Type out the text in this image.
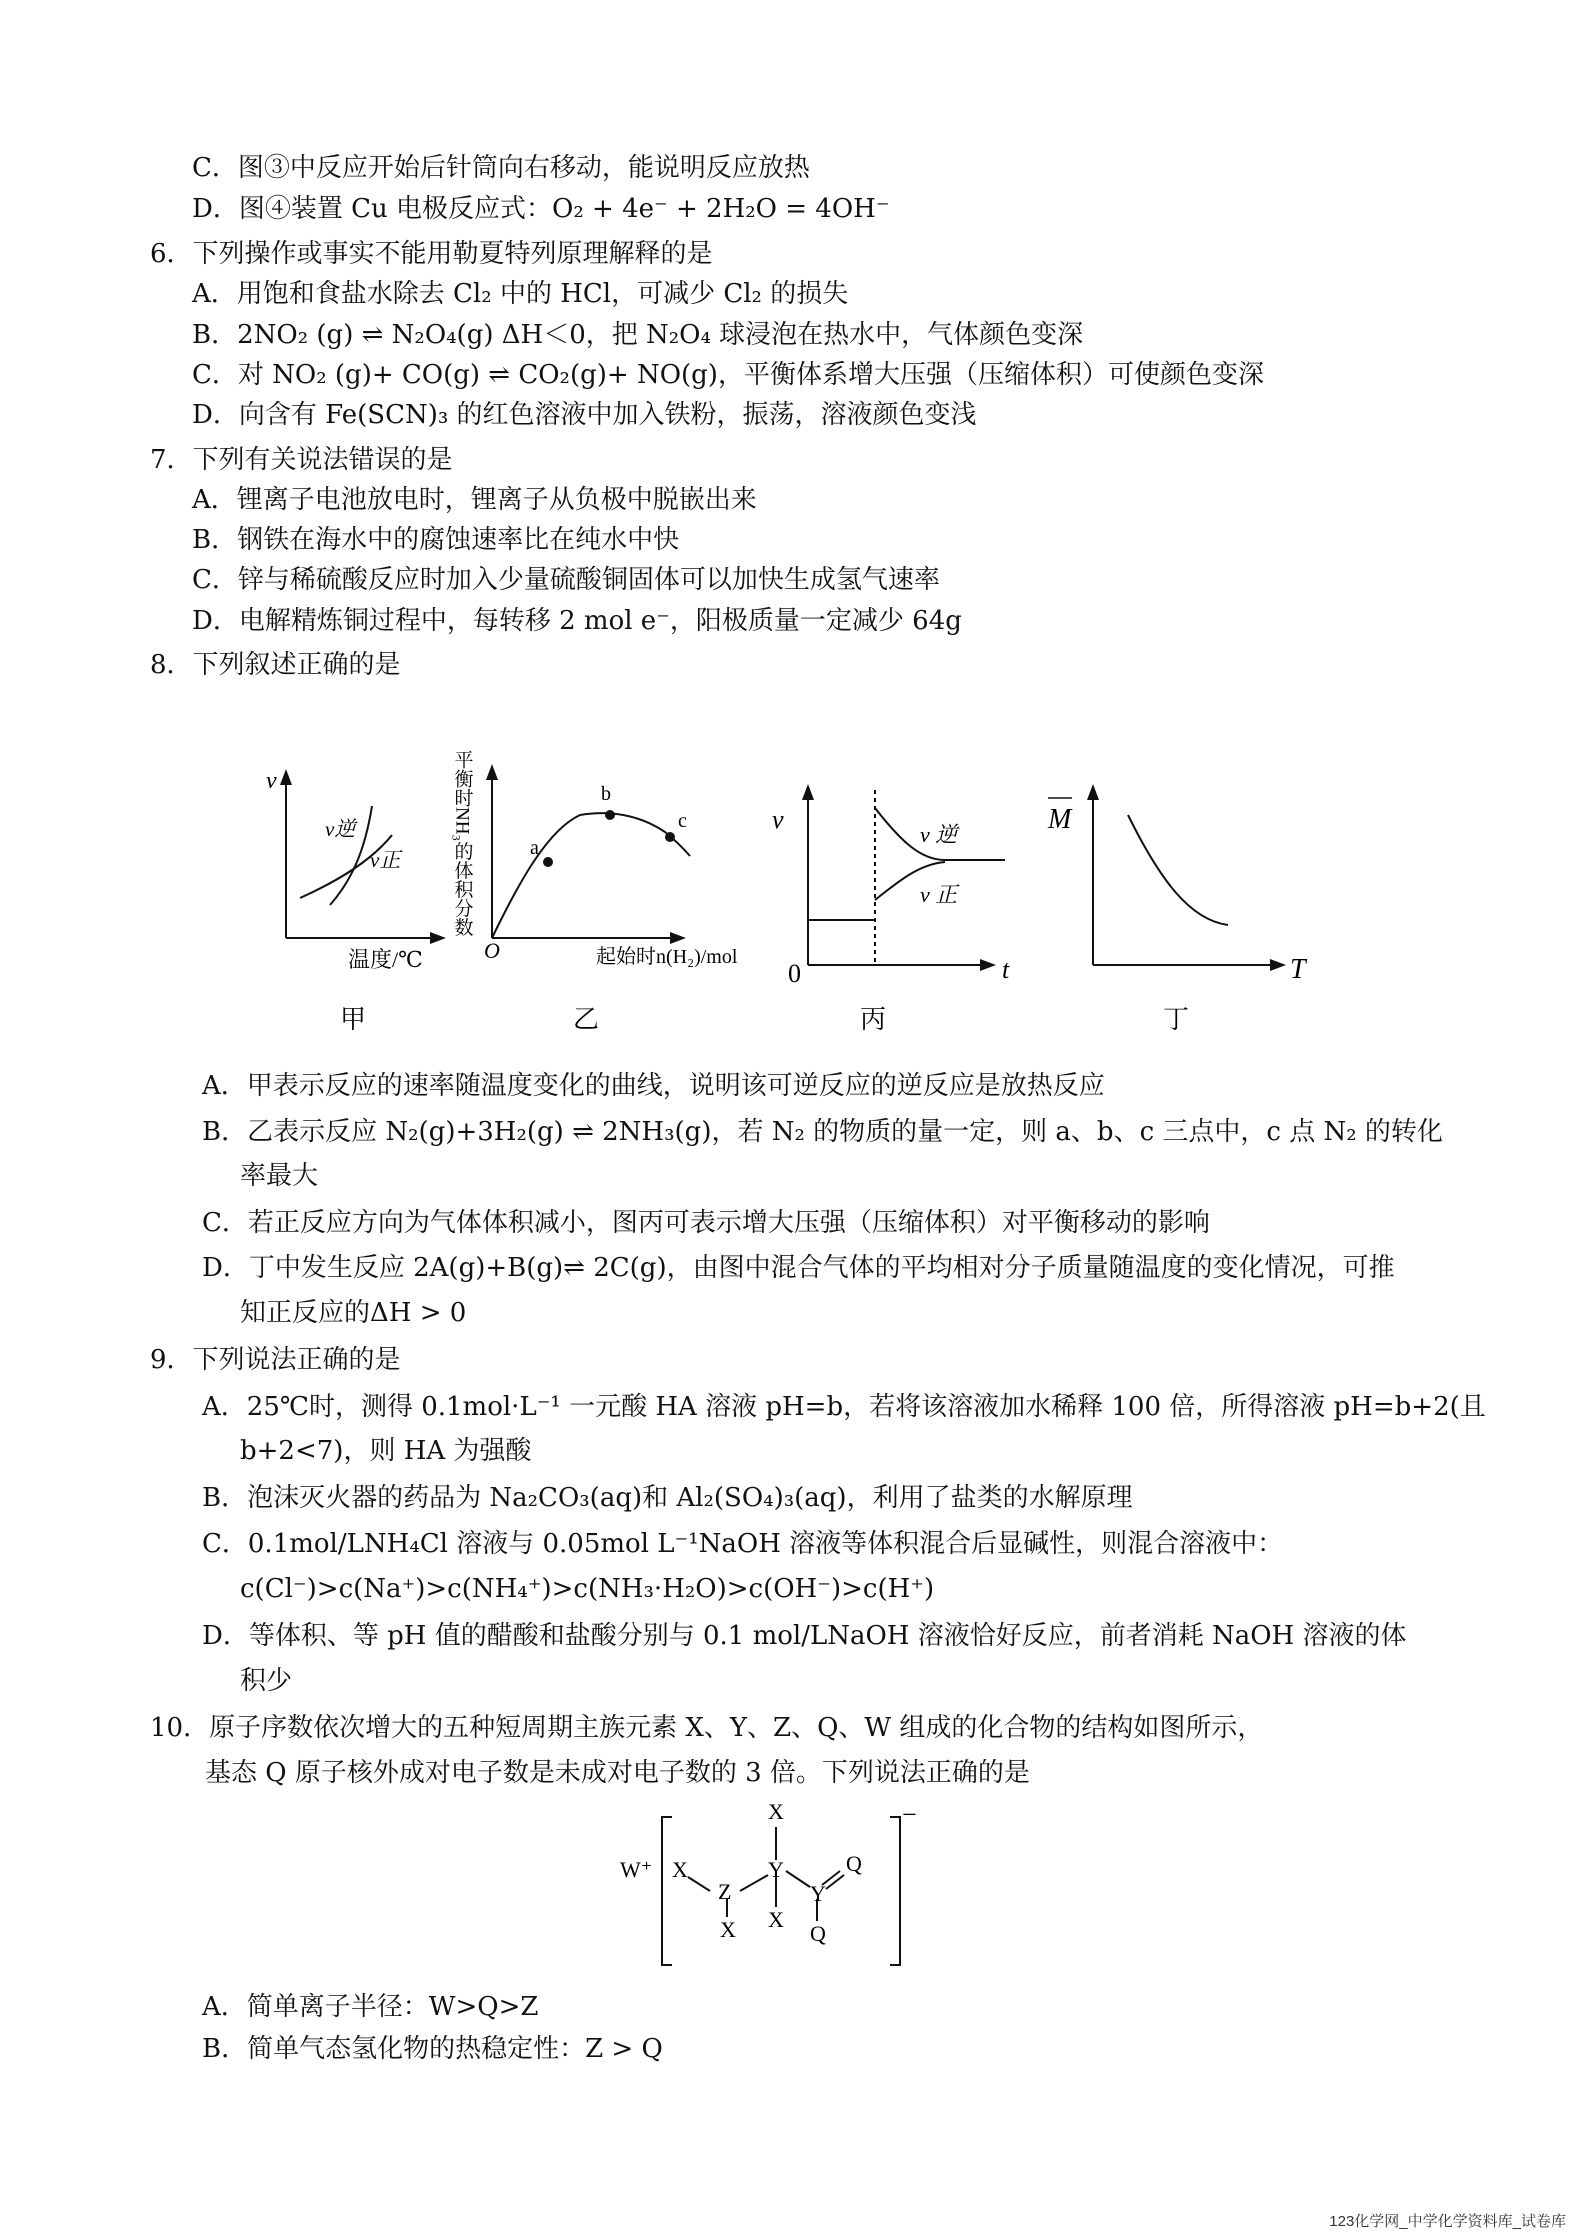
C．图③中反应开始后针筒向右移动，能说明反应放热
D．图④装置 Cu 电极反应式：O₂ + 4e⁻ + 2H₂O = 4OH⁻
6．下列操作或事实不能用勒夏特列原理解释的是
A．用饱和食盐水除去 Cl₂ 中的 HCl，可减少 Cl₂ 的损失
B．2NO₂ (g) ⇌ N₂O₄(g) ΔH＜0，把 N₂O₄ 球浸泡在热水中，气体颜色变深
C．对 NO₂ (g)+ CO(g) ⇌ CO₂(g)+ NO(g)，平衡体系增大压强（压缩体积）可使颜色变深
D．向含有 Fe(SCN)₃ 的红色溶液中加入铁粉，振荡，溶液颜色变浅
7．下列有关说法错误的是
A．锂离子电池放电时，锂离子从负极中脱嵌出来
B．钢铁在海水中的腐蚀速率比在纯水中快
C．锌与稀硫酸反应时加入少量硫酸铜固体可以加快生成氢气速率
D．电解精炼铜过程中，每转移 2 mol e⁻，阳极质量一定减少 64g
8．下列叙述正确的是
v
v逆
v正
温度/℃
a
b
c
O	起始时n(H₂)/mol
平衡时NH₃的体积分数	v
0	t
v 逆
v 正
M
T
甲	乙	丙	丁
A．甲表示反应的速率随温度变化的曲线，说明该可逆反应的逆反应是放热反应
B．乙表示反应 N₂(g)+3H₂(g) ⇌ 2NH₃(g)，若 N₂ 的物质的量一定，则 a、b、c 三点中，c 点 N₂ 的转化
率最大
C．若正反应方向为气体体积减小，图丙可表示增大压强（压缩体积）对平衡移动的影响
D．丁中发生反应 2A(g)+B(g)⇌ 2C(g)，由图中混合气体的平均相对分子质量随温度的变化情况，可推
知正反应的ΔH > 0
9．下列说法正确的是
A．25℃时，测得 0.1mol·L⁻¹ 一元酸 HA 溶液 pH=b，若将该溶液加水稀释 100 倍，所得溶液 pH=b+2(且
b+2<7)，则 HA 为强酸
B．泡沫灭火器的药品为 Na₂CO₃(aq)和 Al₂(SO₄)₃(aq)，利用了盐类的水解原理
C．0.1mol/LNH₄Cl 溶液与 0.05mol L⁻¹NaOH 溶液等体积混合后显碱性，则混合溶液中：
c(Cl⁻)>c(Na⁺)>c(NH₄⁺)>c(NH₃·H₂O)>c(OH⁻)>c(H⁺)
D．等体积、等 pH 值的醋酸和盐酸分别与 0.1 mol/LNaOH 溶液恰好反应，前者消耗 NaOH 溶液的体
积少
10．原子序数依次增大的五种短周期主族元素 X、Y、Z、Q、W 组成的化合物的结构如图所示，
基态 Q 原子核外成对电子数是未成对电子数的 3 倍。下列说法正确的是
W⁺
−
X
Z
X
X
Y
X
Y
Q
Q
A．简单离子半径：W>Q>Z
B．简单气态氢化物的热稳定性：Z > Q
123化学网_中学化学资料库_试卷库
